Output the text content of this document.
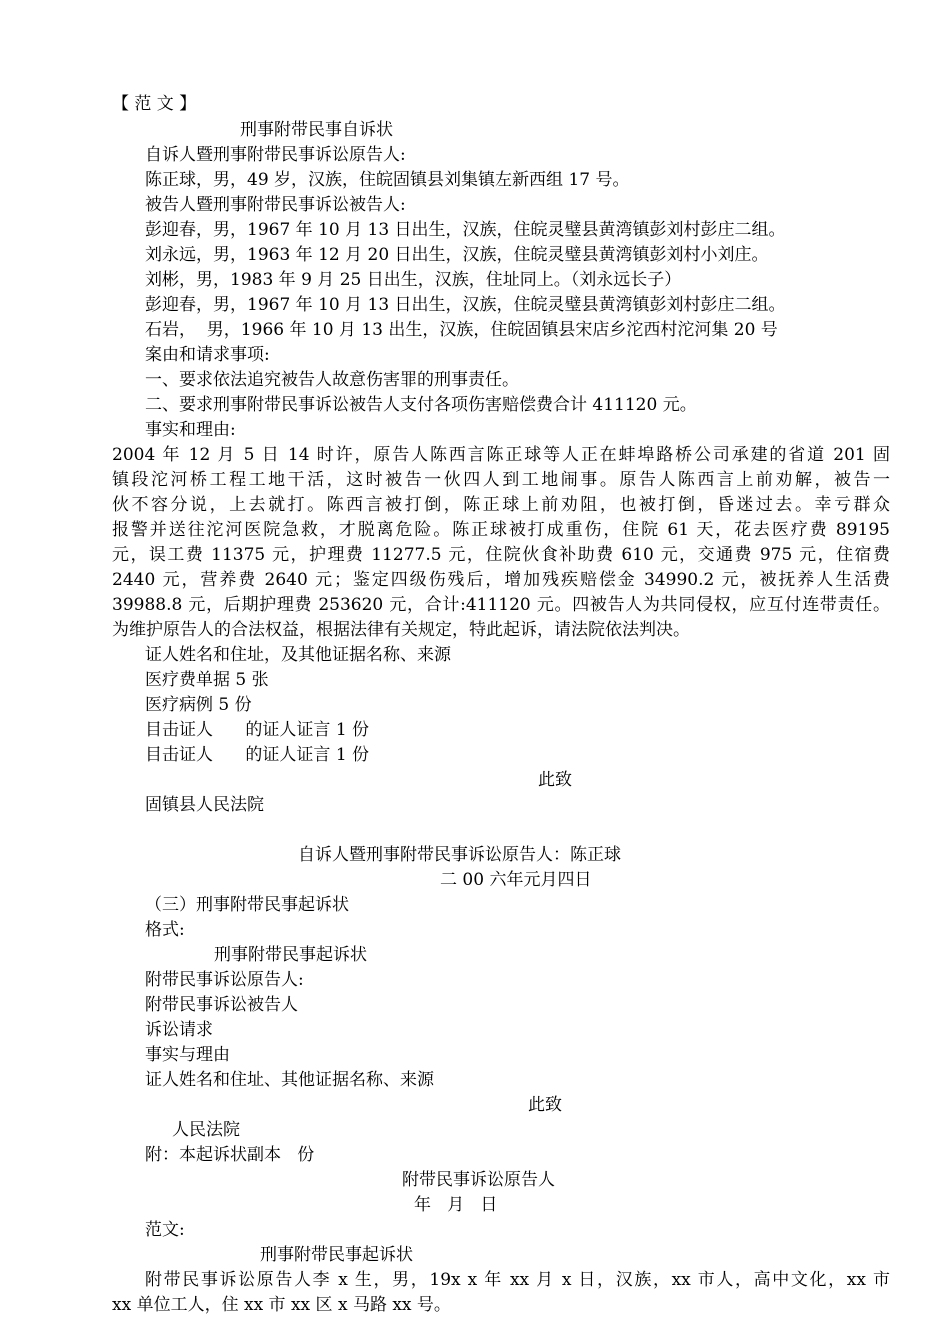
【 范 文 】
刑事附带民事自诉状
自诉人暨刑事附带民事诉讼原告人:
陈正球，男，49 岁，汉族，住皖固镇县刘集镇左新西组 17 号。
被告人暨刑事附带民事诉讼被告人:
彭迎春，男，1967 年 10 月 13 日出生，汉族，住皖灵璧县黄湾镇彭刘村彭庄二组。
刘永远，男，1963 年 12 月 20 日出生，汉族，住皖灵璧县黄湾镇彭刘村小刘庄。
刘彬，男，1983 年 9 月 25 日出生，汉族，住址同上。（刘永远长子）
彭迎春，男，1967 年 10 月 13 日出生，汉族，住皖灵璧县黄湾镇彭刘村彭庄二组。
石岩，  男，1966 年 10 月 13 出生，汉族，住皖固镇县宋店乡沱西村沱河集 20 号
案由和请求事项:
一、要求依法追究被告人故意伤害罪的刑事责任。
二、要求刑事附带民事诉讼被告人支付各项伤害赔偿费合计 411120 元。
事实和理由:
2004 年 12 月 5 日 14 时许，原告人陈西言陈正球等人正在蚌埠路桥公司承建的省道 201 固
镇段沱河桥工程工地干活，这时被告一伙四人到工地闹事。原告人陈西言上前劝解，被告一
伙不容分说，上去就打。陈西言被打倒，陈正球上前劝阻，也被打倒，昏迷过去。幸亏群众
报警并送往沱河医院急救，才脱离危险。陈正球被打成重伤，住院 61 天，花去医疗费 89195
元，误工费 11375 元，护理费 11277.5 元，住院伙食补助费 610 元，交通费 975 元，住宿费
2440 元，营养费 2640 元；鉴定四级伤残后，增加残疾赔偿金 34990.2 元，被抚养人生活费
39988.8 元，后期护理费 253620 元，合计:411120 元。四被告人为共同侵权，应互付连带责任。
为维护原告人的合法权益，根据法律有关规定，特此起诉，请法院依法判决。
证人姓名和住址，及其他证据名称、来源
医疗费单据 5 张
医疗病例 5 份
目击证人      的证人证言 1 份
目击证人      的证人证言 1 份
此致
固镇县人民法院
自诉人暨刑事附带民事诉讼原告人：陈正球
二 00 六年元月四日
（三）刑事附带民事起诉状
格式:
刑事附带民事起诉状
附带民事诉讼原告人:
附带民事诉讼被告人
诉讼请求
事实与理由
证人姓名和住址、其他证据名称、来源
此致
人民法院
附：本起诉状副本   份
附带民事诉讼原告人
年   月   日
范文:
刑事附带民事起诉状
附带民事诉讼原告人李 x 生，男，19x x 年 xx 月 x 日，汉族，xx 市人，高中文化，xx 市
xx 单位工人，住 xx 市 xx 区 x 马路 xx 号。
